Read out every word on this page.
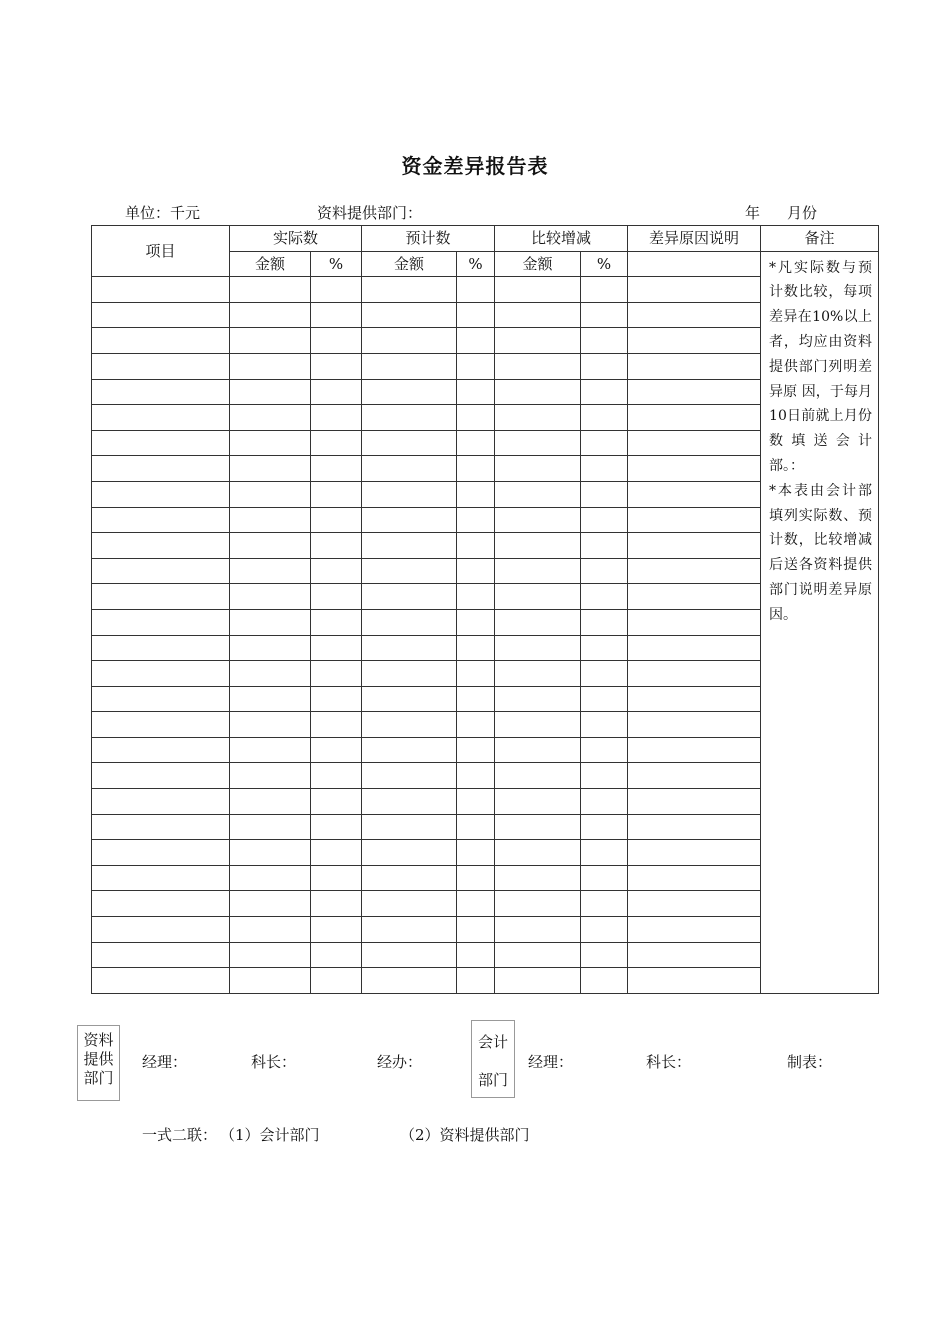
资金差异报告表
单位：千元	资料提供部门：	年 月份
项目	实际数		预计数		比较增减		差异原因说明	备注
	金额	%	金额	%	金额	%		*凡实际数与预计数比较，每项差异在10%以上者，均应由资料提供部门列明差异原 因，于每月10日前就上月份数填送会计部。：
*本表由会计部填列实际数、预计数，比较增减后送各资料提供部门说明差异原因。

资料提供部门
经理：	科长：	经办：
会计
部门
经理：	科长：	制表：
一式二联： （1）会计部门	（2）资料提供部门
